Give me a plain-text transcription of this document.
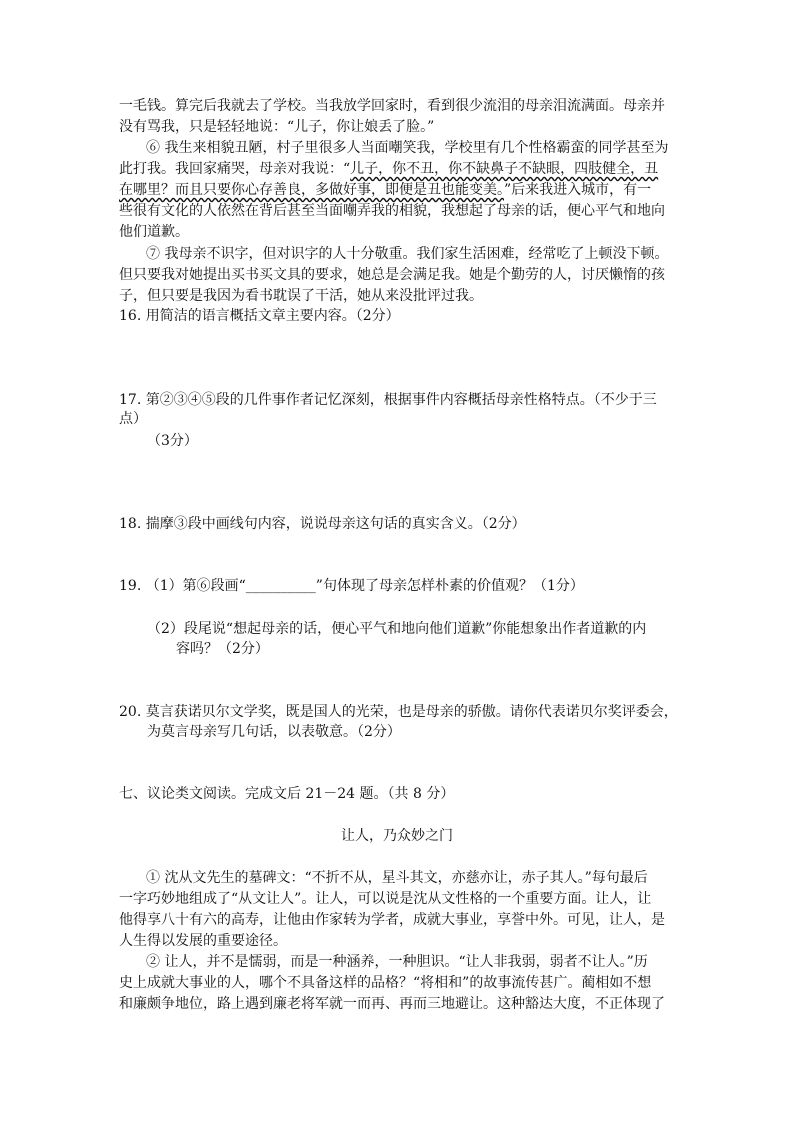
一毛钱。算完后我就去了学校。当我放学回家时，看到很少流泪的母亲泪流满面。母亲并
没有骂我，只是轻轻地说：“儿子，你让娘丢了脸。”
⑥ 我生来相貌丑陋，村子里很多人当面嘲笑我，学校里有几个性格霸蛮的同学甚至为
此打我。我回家痛哭，母亲对我说：“儿子，你不丑，你不缺鼻子不缺眼，四肢健全，丑
在哪里？而且只要你心存善良，多做好事，即便是丑也能变美。”后来我进入城市，有一
些很有文化的人依然在背后甚至当面嘲弄我的相貌，我想起了母亲的话，便心平气和地向
他们道歉。
⑦ 我母亲不识字，但对识字的人十分敬重。我们家生活困难，经常吃了上顿没下顿。
但只要我对她提出买书买文具的要求，她总是会满足我。她是个勤劳的人，讨厌懒惰的孩
子，但只要是我因为看书耽误了干活，她从来没批评过我。
16. 用简洁的语言概括文章主要内容。（2分）
17. 第②③④⑤段的几件事作者记忆深刻，根据事件内容概括母亲性格特点。（不少于三
点）
（3分）
18. 揣摩③段中画线句内容，说说母亲这句话的真实含义。（2分）
19. （1）第⑥段画“__________”句体现了母亲怎样朴素的价值观？（1分）
（2）段尾说“想起母亲的话，便心平气和地向他们道歉”你能想象出作者道歉的内
容吗？（2分）
20. 莫言获诺贝尔文学奖，既是国人的光荣，也是母亲的骄傲。请你代表诺贝尔奖评委会，
为莫言母亲写几句话，以表敬意。（2分）
七、议论类文阅读。完成文后 21－24 题。（共 8 分）
让人，乃众妙之门
① 沈从文先生的墓碑文：“不折不从，星斗其文，亦慈亦让，赤子其人。”每句最后
一字巧妙地组成了“从文让人”。让人，可以说是沈从文性格的一个重要方面。让人，让
他得享八十有六的高寿，让他由作家转为学者，成就大事业，享誉中外。可见，让人，是
人生得以发展的重要途径。
② 让人，并不是懦弱，而是一种涵养，一种胆识。“让人非我弱，弱者不让人。”历
史上成就大事业的人，哪个不具备这样的品格？“将相和”的故事流传甚广。蔺相如不想
和廉颇争地位，路上遇到廉老将军就一而再、再而三地避让。这种豁达大度，不正体现了
